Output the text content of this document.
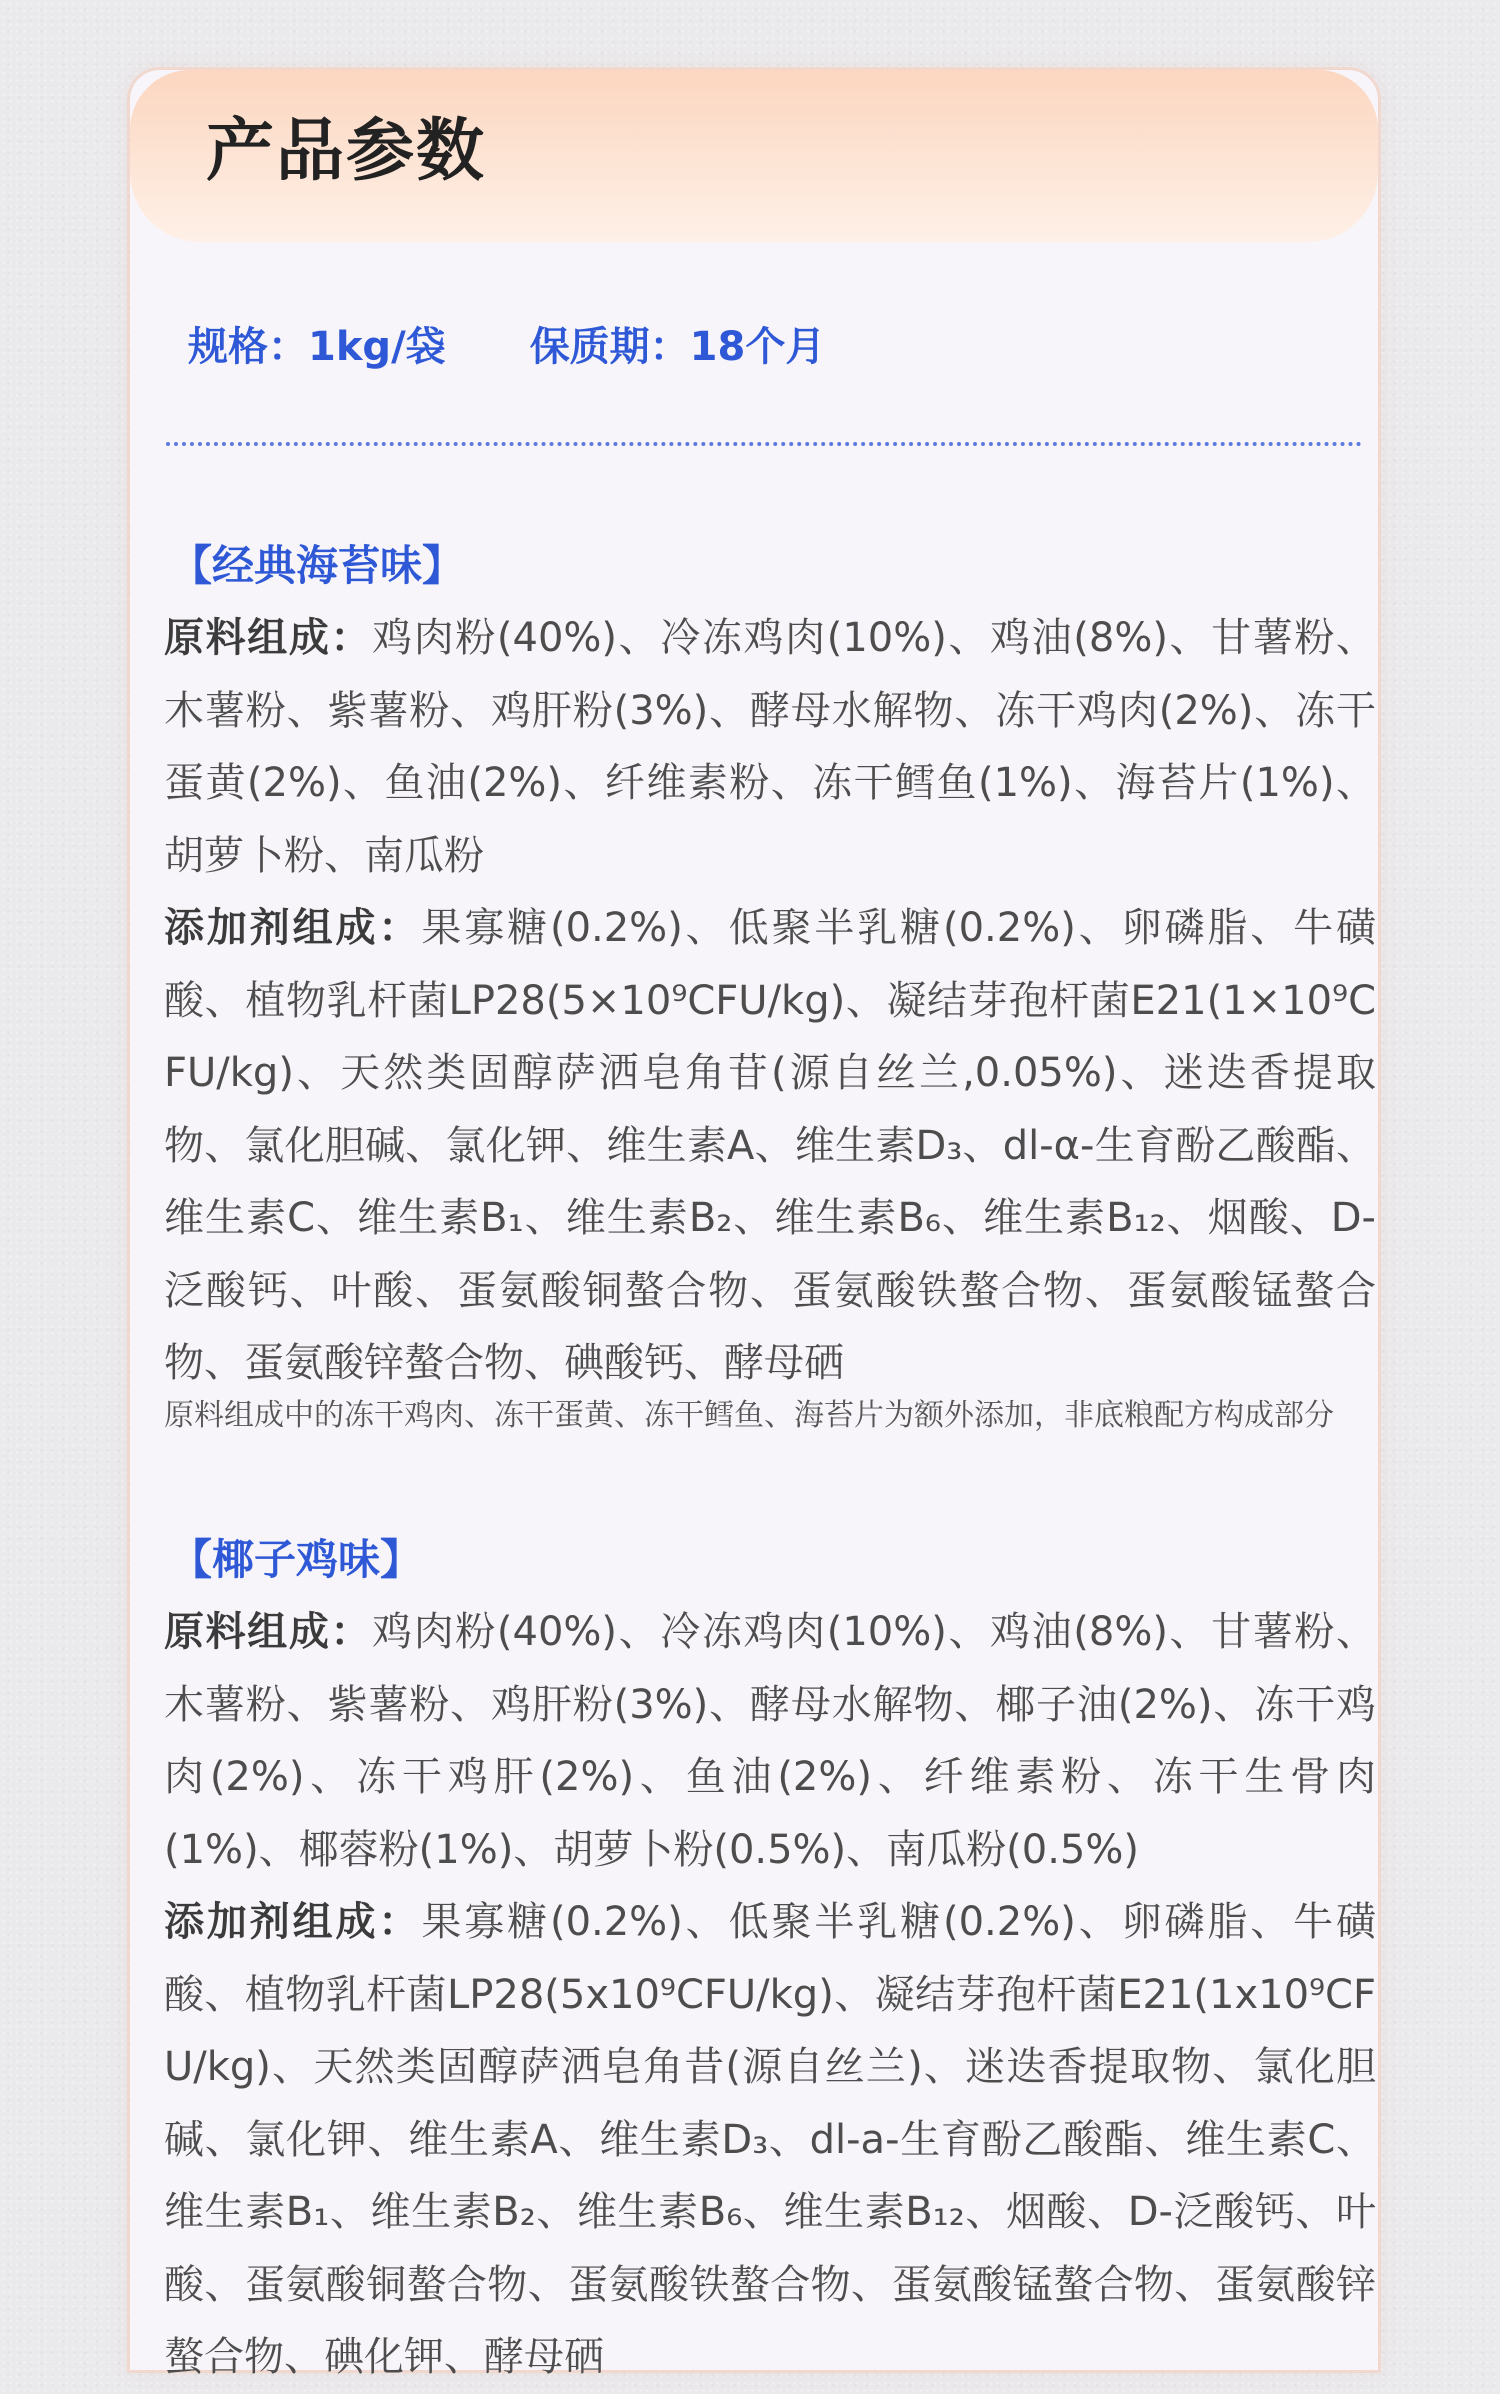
产品参数
规格：1kg/袋 保质期：18个月
【经典海苔味】

原料组成：鸡肉粉(40%)、冷冻鸡肉(10%)、鸡油(8%)、甘薯粉、木薯粉、紫薯粉、鸡肝粉(3%)、酵母水解物、冻干鸡肉(2%)、冻干蛋黄(2%)、鱼油(2%)、纤维素粉、冻干鳕鱼(1%)、海苔片(1%)、胡萝卜粉、南瓜粉

添加剂组成：果寡糖(0.2%)、低聚半乳糖(0.2%)、卵磷脂、牛磺酸、植物乳杆菌LP28(5×10⁹CFU/kg)、凝结芽孢杆菌E21(1×10⁹CFU/kg)、天然类固醇萨洒皂角苷(源自丝兰,0.05%)、迷迭香提取物、氯化胆碱、氯化钾、维生素A、维生素D₃、dl-α-生育酚乙酸酯、维生素C、维生素B₁、维生素B₂、维生素B₆、维生素B₁₂、烟酸、D-泛酸钙、叶酸、蛋氨酸铜螯合物、蛋氨酸铁螯合物、蛋氨酸锰螯合物、蛋氨酸锌螯合物、碘酸钙、酵母硒

原料组成中的冻干鸡肉、冻干蛋黄、冻干鳕鱼、海苔片为额外添加，非底粮配方构成部分
【椰子鸡味】

原料组成：鸡肉粉(40%)、冷冻鸡肉(10%)、鸡油(8%)、甘薯粉、木薯粉、紫薯粉、鸡肝粉(3%)、酵母水解物、椰子油(2%)、冻干鸡肉(2%)、冻干鸡肝(2%)、鱼油(2%)、纤维素粉、冻干生骨肉(1%)、椰蓉粉(1%)、胡萝卜粉(0.5%)、南瓜粉(0.5%)

添加剂组成：果寡糖(0.2%)、低聚半乳糖(0.2%)、卵磷脂、牛磺酸、植物乳杆菌LP28(5x10⁹CFU/kg)、凝结芽孢杆菌E21(1x10⁹CFU/kg)、天然类固醇萨洒皂角昔(源自丝兰)、迷迭香提取物、氯化胆碱、氯化钾、维生素A、维生素D₃、dl-a-生育酚乙酸酯、维生素C、维生素B₁、维生素B₂、维生素B₆、维生素B₁₂、烟酸、D-泛酸钙、叶酸、蛋氨酸铜螯合物、蛋氨酸铁螯合物、蛋氨酸锰螯合物、蛋氨酸锌螯合物、碘化钾、酵母硒
